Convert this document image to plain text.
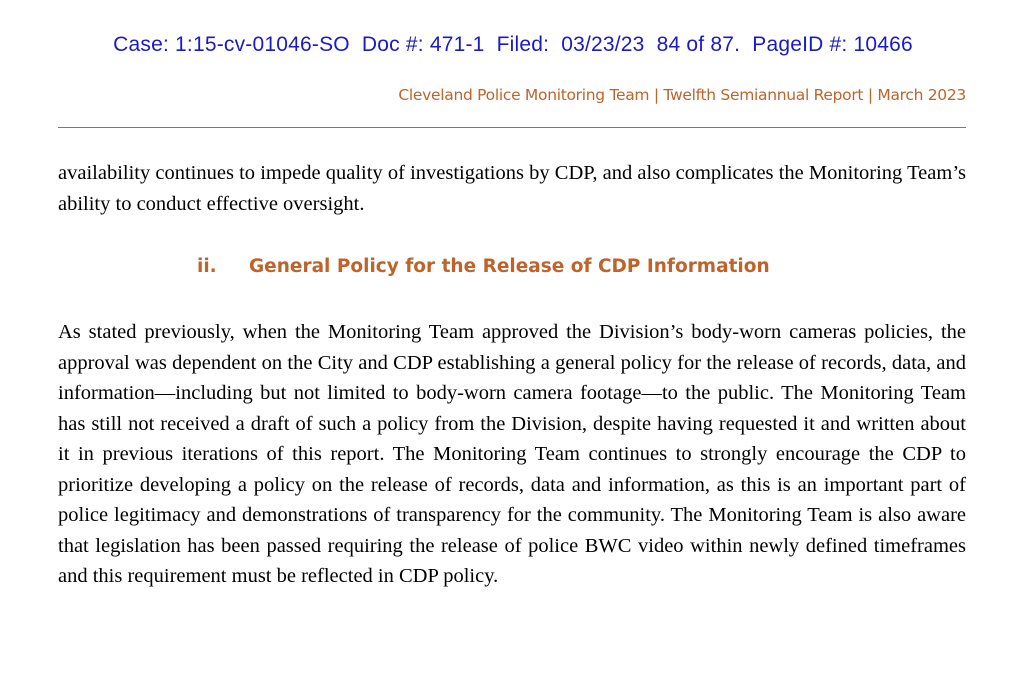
Case: 1:15-cv-01046-SO  Doc #: 471-1  Filed:  03/23/23  84 of 87.  PageID #: 10466
Cleveland Police Monitoring Team | Twelfth Semiannual Report | March 2023

availability continues to impede quality of investigations by CDP, and also complicates the Monitoring Team’s ability to conduct effective oversight.

ii. General Policy for the Release of CDP Information

As stated previously, when the Monitoring Team approved the Division’s body-worn cameras policies, the approval was dependent on the City and CDP establishing a general policy for the release of records, data, and information—including but not limited to body-worn camera footage—to the public. The Monitoring Team has still not received a draft of such a policy from the Division, despite having requested it and written about it in previous iterations of this report. The Monitoring Team continues to strongly encourage the CDP to prioritize developing a policy on the release of records, data and information, as this is an important part of police legitimacy and demonstrations of transparency for the community. The Monitoring Team is also aware that legislation has been passed requiring the release of police BWC video within newly defined timeframes and this requirement must be reflected in CDP policy.
